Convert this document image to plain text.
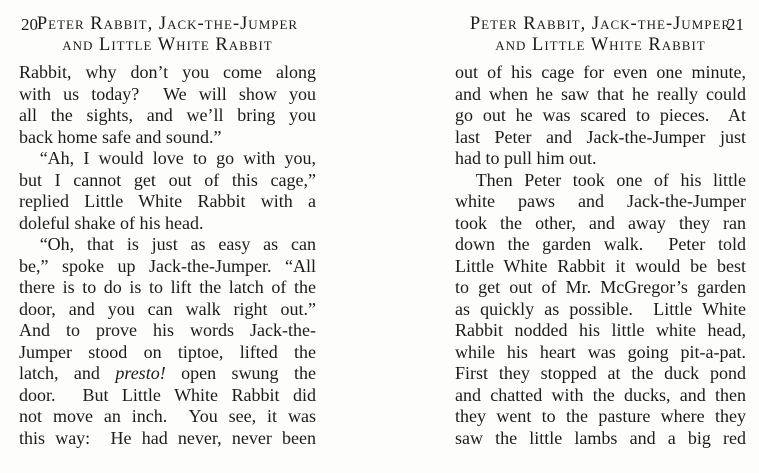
20
Peter Rabbit, Jack-the-Jumper
and Little White Rabbit
Rabbit, why don’t you come along
with us today?  We will show you
all the sights, and we’ll bring you
back home safe and sound.”
“Ah, I would love to go with you,
but I cannot get out of this cage,”
replied Little White Rabbit with a
doleful shake of his head.
“Oh, that is just as easy as can
be,” spoke up Jack-the-Jumper. “All
there is to do is to lift the latch of the
door, and you can walk right out.”
And to prove his words Jack-the-
Jumper stood on tiptoe, lifted the
latch, and presto! open swung the
door.  But Little White Rabbit did
not move an inch.  You see, it was
this way:  He had never, never been
21
Peter Rabbit, Jack-the-Jumper
and Little White Rabbit
out of his cage for even one minute,
and when he saw that he really could
go out he was scared to pieces.  At
last Peter and Jack-the-Jumper just
had to pull him out.
Then Peter took one of his little
white paws and Jack-the-Jumper
took the other, and away they ran
down the garden walk.  Peter told
Little White Rabbit it would be best
to get out of Mr. McGregor’s garden
as quickly as possible.  Little White
Rabbit nodded his little white head,
while his heart was going pit-a-pat.
First they stopped at the duck pond
and chatted with the ducks, and then
they went to the pasture where they
saw the little lambs and a big red
